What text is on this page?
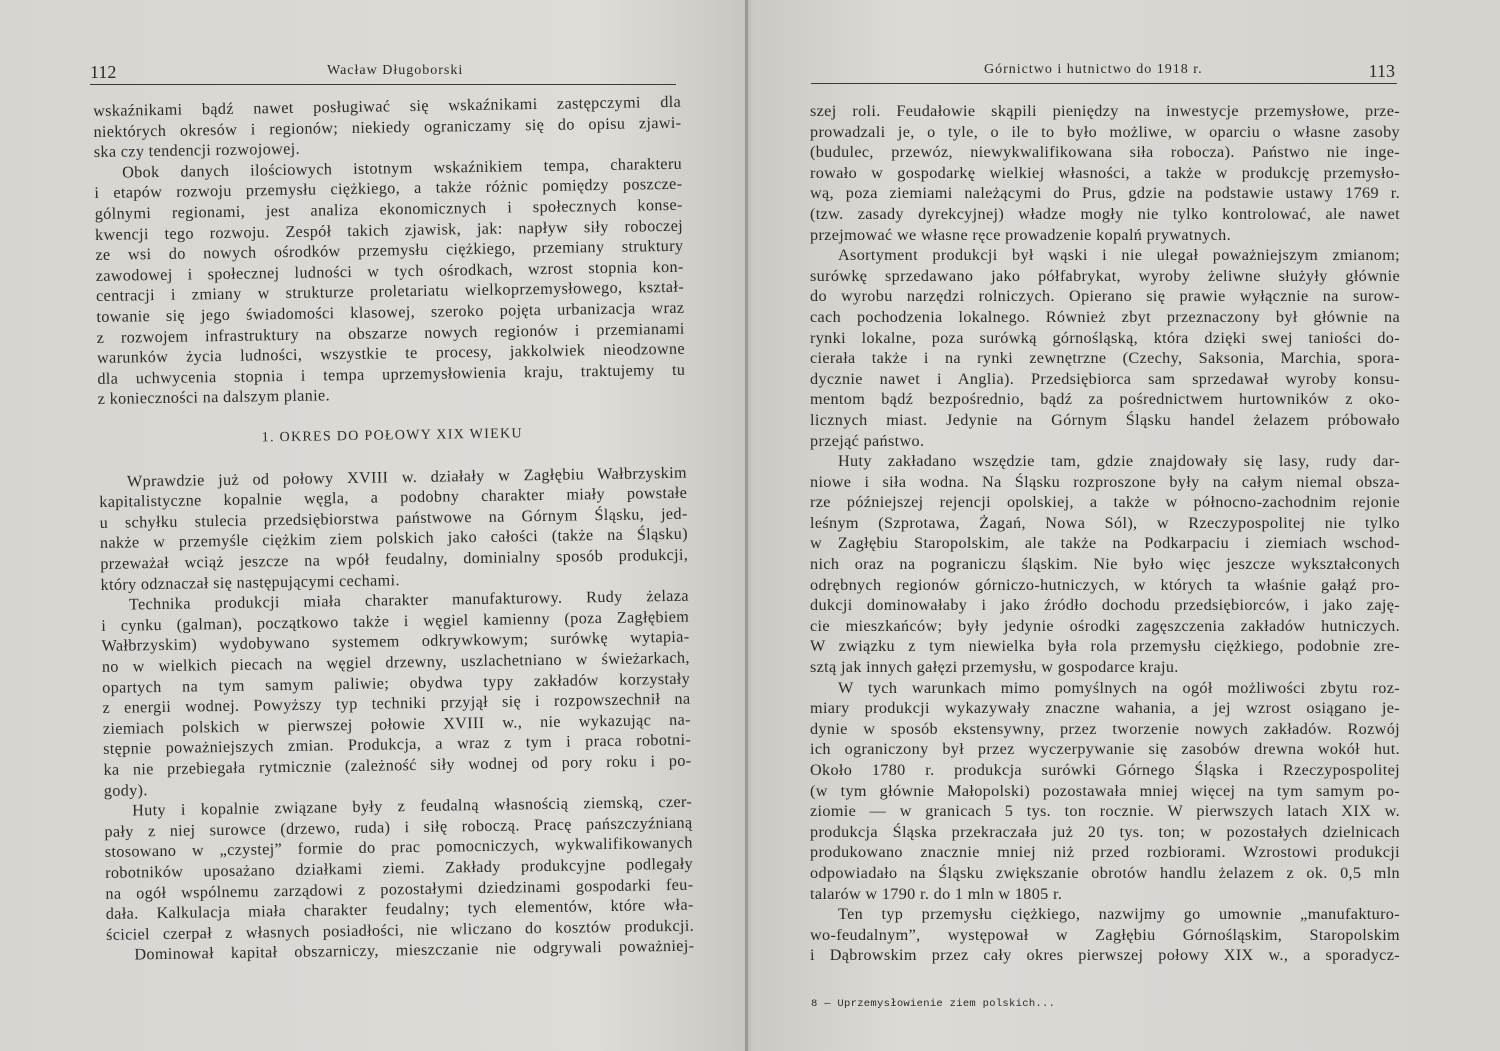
112	Wacław Długoborski
wskaźnikami bądź nawet posługiwać się wskaźnikami zastępczymi dla
niektórych okresów i regionów; niekiedy ograniczamy się do opisu zjawi-
ska czy tendencji rozwojowej.
Obok danych ilościowych istotnym wskaźnikiem tempa, charakteru
i etapów rozwoju przemysłu ciężkiego, a także różnic pomiędzy poszcze-
gólnymi regionami, jest analiza ekonomicznych i społecznych konse-
kwencji tego rozwoju. Zespół takich zjawisk, jak: napływ siły roboczej
ze wsi do nowych ośrodków przemysłu ciężkiego, przemiany struktury
zawodowej i społecznej ludności w tych ośrodkach, wzrost stopnia kon-
centracji i zmiany w strukturze proletariatu wielkoprzemysłowego, kształ-
towanie się jego świadomości klasowej, szeroko pojęta urbanizacja wraz
z rozwojem infrastruktury na obszarze nowych regionów i przemianami
warunków życia ludności, wszystkie te procesy, jakkolwiek nieodzowne
dla uchwycenia stopnia i tempa uprzemysłowienia kraju, traktujemy tu
z konieczności na dalszym planie.
1. OKRES DO POŁOWY XIX WIEKU
Wprawdzie już od połowy XVIII w. działały w Zagłębiu Wałbrzyskim
kapitalistyczne kopalnie węgla, a podobny charakter miały powstałe
u schyłku stulecia przedsiębiorstwa państwowe na Górnym Śląsku, jed-
nakże w przemyśle ciężkim ziem polskich jako całości (także na Śląsku)
przeważał wciąż jeszcze na wpół feudalny, dominialny sposób produkcji,
który odznaczał się następującymi cechami.
Technika produkcji miała charakter manufakturowy. Rudy żelaza
i cynku (galman), początkowo także i węgiel kamienny (poza Zagłębiem
Wałbrzyskim) wydobywano systemem odkrywkowym; surówkę wytapia-
no w wielkich piecach na węgiel drzewny, uszlachetniano w świeżarkach,
opartych na tym samym paliwie; obydwa typy zakładów korzystały
z energii wodnej. Powyższy typ techniki przyjął się i rozpowszechnił na
ziemiach polskich w pierwszej połowie XVIII w., nie wykazując na-
stępnie poważniejszych zmian. Produkcja, a wraz z tym i praca robotni-
ka nie przebiegała rytmicznie (zależność siły wodnej od pory roku i po-
gody).
Huty i kopalnie związane były z feudalną własnością ziemską, czer-
pały z niej surowce (drzewo, ruda) i siłę roboczą. Pracę pańszczyźnianą
stosowano w „czystej” formie do prac pomocniczych, wykwalifikowanych
robotników uposażano działkami ziemi. Zakłady produkcyjne podlegały
na ogół wspólnemu zarządowi z pozostałymi dziedzinami gospodarki feu-
dała. Kalkulacja miała charakter feudalny; tych elementów, które wła-
ściciel czerpał z własnych posiadłości, nie wliczano do kosztów produkcji.
Dominował kapitał obszarniczy, mieszczanie nie odgrywali poważniej-
Górnictwo i hutnictwo do 1918 r.	113
szej roli. Feudałowie skąpili pieniędzy na inwestycje przemysłowe, prze-
prowadzali je, o tyle, o ile to było możliwe, w oparciu o własne zasoby
(budulec, przewóz, niewykwalifikowana siła robocza). Państwo nie inge-
rowało w gospodarkę wielkiej własności, a także w produkcję przemysło-
wą, poza ziemiami należącymi do Prus, gdzie na podstawie ustawy 1769 r.
(tzw. zasady dyrekcyjnej) władze mogły nie tylko kontrolować, ale nawet
przejmować we własne ręce prowadzenie kopalń prywatnych.
Asortyment produkcji był wąski i nie ulegał poważniejszym zmianom;
surówkę sprzedawano jako półfabrykat, wyroby żeliwne służyły głównie
do wyrobu narzędzi rolniczych. Opierano się prawie wyłącznie na surow-
cach pochodzenia lokalnego. Również zbyt przeznaczony był głównie na
rynki lokalne, poza surówką górnośląską, która dzięki swej taniości do-
cierała także i na rynki zewnętrzne (Czechy, Saksonia, Marchia, spora-
dycznie nawet i Anglia). Przedsiębiorca sam sprzedawał wyroby konsu-
mentom bądź bezpośrednio, bądź za pośrednictwem hurtowników z oko-
licznych miast. Jedynie na Górnym Śląsku handel żelazem próbowało
przejąć państwo.
Huty zakładano wszędzie tam, gdzie znajdowały się lasy, rudy dar-
niowe i siła wodna. Na Śląsku rozproszone były na całym niemal obsza-
rze późniejszej rejencji opolskiej, a także w północno-zachodnim rejonie
leśnym (Szprotawa, Żagań, Nowa Sól), w Rzeczypospolitej nie tylko
w Zagłębiu Staropolskim, ale także na Podkarpaciu i ziemiach wschod-
nich oraz na pograniczu śląskim. Nie było więc jeszcze wykształconych
odrębnych regionów górniczo-hutniczych, w których ta właśnie gałąź pro-
dukcji dominowałaby i jako źródło dochodu przedsiębiorców, i jako zaję-
cie mieszkańców; były jedynie ośrodki zagęszczenia zakładów hutniczych.
W związku z tym niewielka była rola przemysłu ciężkiego, podobnie zre-
sztą jak innych gałęzi przemysłu, w gospodarce kraju.
W tych warunkach mimo pomyślnych na ogół możliwości zbytu roz-
miary produkcji wykazywały znaczne wahania, a jej wzrost osiągano je-
dynie w sposób ekstensywny, przez tworzenie nowych zakładów. Rozwój
ich ograniczony był przez wyczerpywanie się zasobów drewna wokół hut.
Około 1780 r. produkcja surówki Górnego Śląska i Rzeczypospolitej
(w tym głównie Małopolski) pozostawała mniej więcej na tym samym po-
ziomie — w granicach 5 tys. ton rocznie. W pierwszych latach XIX w.
produkcja Śląska przekraczała już 20 tys. ton; w pozostałych dzielnicach
produkowano znacznie mniej niż przed rozbiorami. Wzrostowi produkcji
odpowiadało na Śląsku zwiększanie obrotów handlu żelazem z ok. 0,5 mln
talarów w 1790 r. do 1 mln w 1805 r.
Ten typ przemysłu ciężkiego, nazwijmy go umownie „manufakturo-
wo-feudalnym”, występował w Zagłębiu Górnośląskim, Staropolskim
i Dąbrowskim przez cały okres pierwszej połowy XIX w., a sporadycz-
8 — Uprzemysłowienie ziem polskich...
